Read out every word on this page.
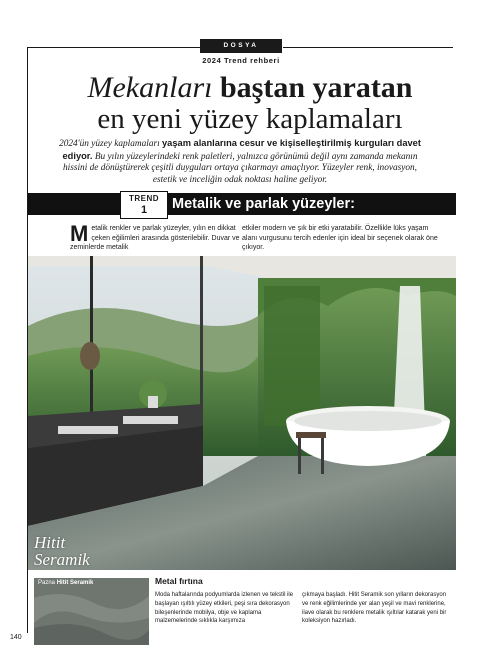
DOSYA
2024 Trend rehberi
Mekanları baştan yaratan
en yeni yüzey kaplamaları
2024'ün yüzey kaplamaları yaşam alanlarına cesur ve kişiselleştirilmiş kurguları davet ediyor. Bu yılın yüzeylerindeki renk paletleri, yalnızca görünümü değil aynı zamanda mekanın hissini de dönüştürerek çeşitli duyguları ortaya çıkarmayı amaçlıyor. Yüzeyler renk, inovasyon, estetik ve inceliğin odak noktası haline geliyor.
TREND
1	Metalik ve parlak yüzeyler:
Metalik renkler ve parlak yüzeyler, yılın en dikkat çeken eğilimleri arasında gösterilebilir. Duvar ve zeminlerde metalik
etkiler modern ve şık bir etki yaratabilir. Özellikle lüks yaşam alanı vurgusunu tercih edenler için ideal bir seçenek olarak öne çıkıyor.
Hitit Seramik
Pazna Hitit Seramik	Metal fırtına
Moda haftalarında podyumlarda izlenen ve tekstil ile başlayan ışıltılı yüzey etkileri, peşi sıra dekorasyon bileşenlerinde mobilya, obje ve kaplama malzemelerinde sıklıkla karşımıza
çıkmaya başladı. Hitit Seramik son yılların dekorasyon ve renk eğilimlerinde yer alan yeşil ve mavi renklerine, ilave olarak bu renklere metalik ışıltılar katarak yeni bir koleksiyon hazırladı.
140
